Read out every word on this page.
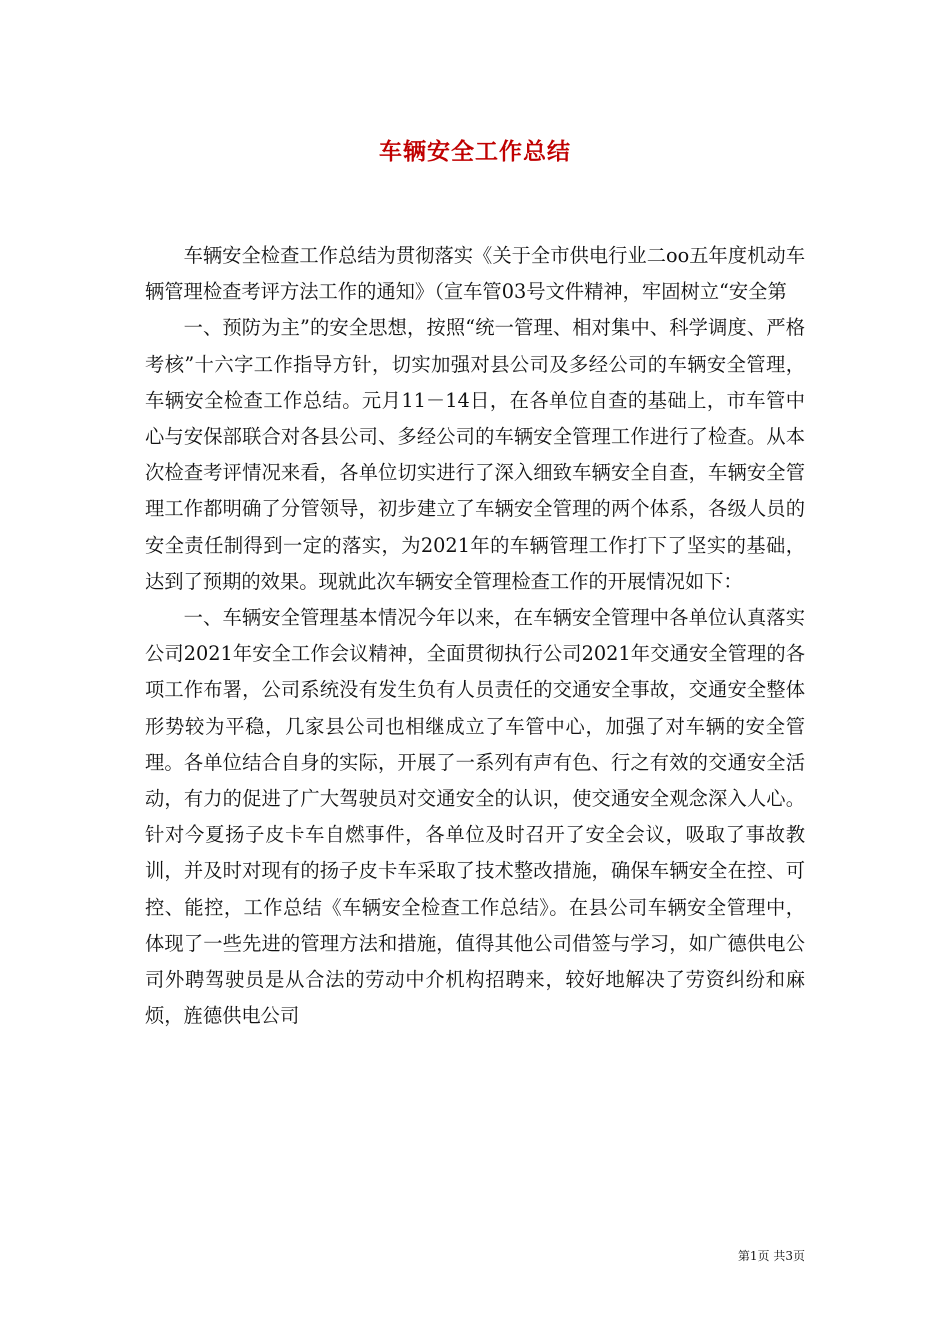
车辆安全工作总结

车辆安全检查工作总结为贯彻落实《关于全市供电行业二oo五年度机动车辆管理检查考评方法工作的通知》（宣车管03号文件精神，牢固树立“安全第

一、预防为主”的安全思想，按照“统一管理、相对集中、科学调度、严格考核”十六字工作指导方针，切实加强对县公司及多经公司的车辆安全管理，车辆安全检查工作总结。元月11－14日，在各单位自查的基础上，市车管中心与安保部联合对各县公司、多经公司的车辆安全管理工作进行了检查。从本次检查考评情况来看，各单位切实进行了深入细致车辆安全自查，车辆安全管理工作都明确了分管领导，初步建立了车辆安全管理的两个体系，各级人员的安全责任制得到一定的落实，为2021年的车辆管理工作打下了坚实的基础，达到了预期的效果。现就此次车辆安全管理检查工作的开展情况如下：

一、车辆安全管理基本情况今年以来，在车辆安全管理中各单位认真落实公司2021年安全工作会议精神，全面贯彻执行公司2021年交通安全管理的各项工作布署，公司系统没有发生负有人员责任的交通安全事故，交通安全整体形势较为平稳，几家县公司也相继成立了车管中心，加强了对车辆的安全管理。各单位结合自身的实际，开展了一系列有声有色、行之有效的交通安全活动，有力的促进了广大驾驶员对交通安全的认识，使交通安全观念深入人心。针对今夏扬子皮卡车自燃事件，各单位及时召开了安全会议，吸取了事故教训，并及时对现有的扬子皮卡车采取了技术整改措施，确保车辆安全在控、可控、能控，工作总结《车辆安全检查工作总结》。在县公司车辆安全管理中，体现了一些先进的管理方法和措施，值得其他公司借签与学习，如广德供电公司外聘驾驶员是从合法的劳动中介机构招聘来，较好地解决了劳资纠纷和麻烦，旌德供电公司

第1页 共3页
